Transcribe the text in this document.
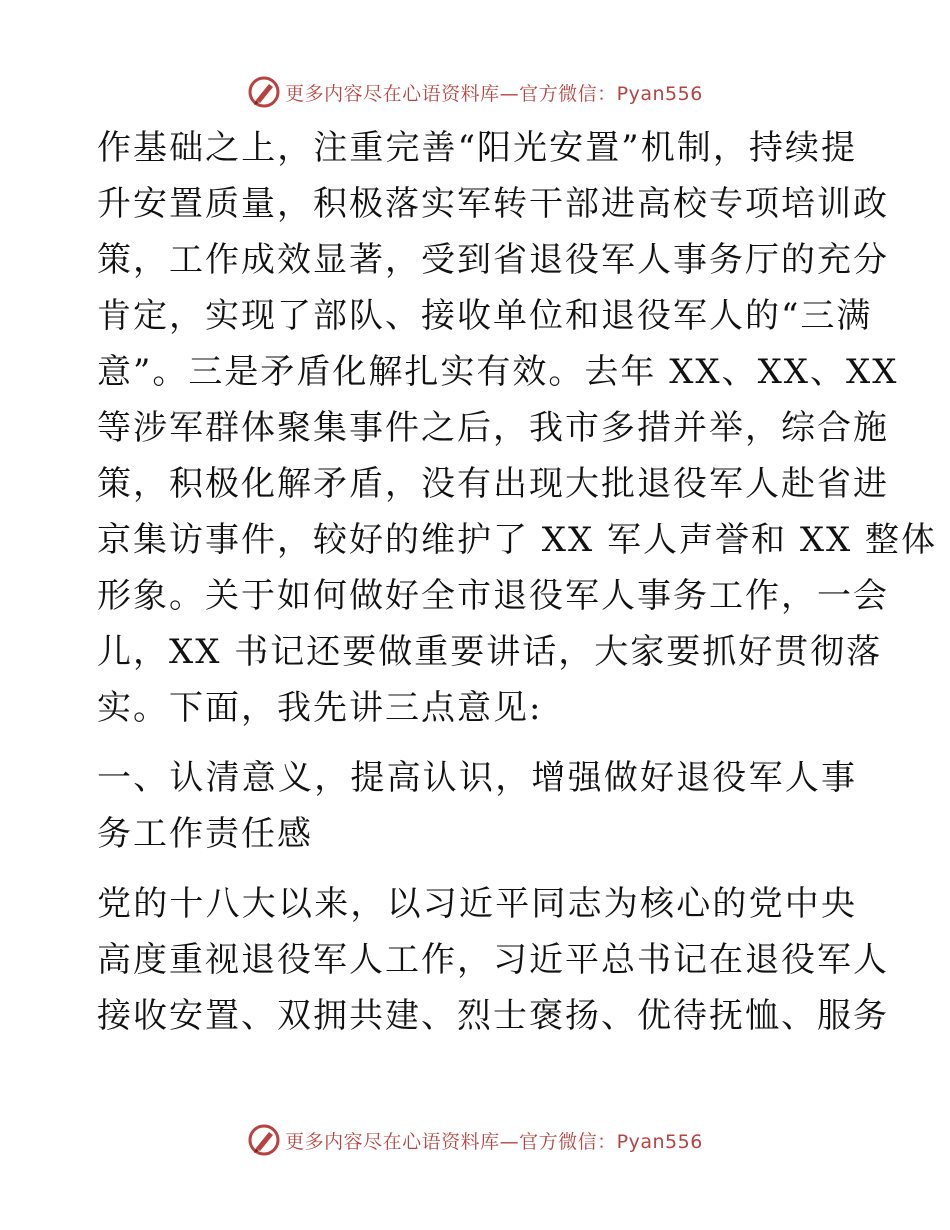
更多内容尽在心语资料库—官方微信：Pyan556
作基础之上，注重完善“阳光安置”机制，持续提
升安置质量，积极落实军转干部进高校专项培训政
策，工作成效显著，受到省退役军人事务厅的充分
肯定，实现了部队、接收单位和退役军人的“三满
意”。三是矛盾化解扎实有效。去年 XX、XX、XX
等涉军群体聚集事件之后，我市多措并举，综合施
策，积极化解矛盾，没有出现大批退役军人赴省进
京集访事件，较好的维护了 XX 军人声誉和 XX 整体
形象。关于如何做好全市退役军人事务工作，一会
儿，XX 书记还要做重要讲话，大家要抓好贯彻落
实。下面，我先讲三点意见:
一、认清意义，提高认识，增强做好退役军人事
务工作责任感
党的十八大以来，以习近平同志为核心的党中央
高度重视退役军人工作，习近平总书记在退役军人
接收安置、双拥共建、烈士褒扬、优待抚恤、服务
更多内容尽在心语资料库—官方微信：Pyan556
